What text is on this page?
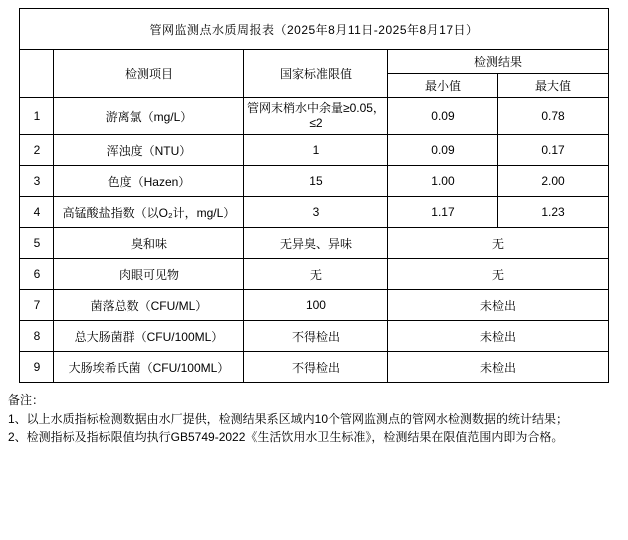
管网监测点水质周报表（2025年8月11日-2025年8月17日）				
	检测项目	国家标准限值	检测结果	
			最小值	最大值
1	游离氯（mg/L）	管网末梢水中余量≥0.05，≤2	0.09	0.78
2	浑浊度（NTU）	1	0.09	0.17
3	色度（Hazen）	15	1.00	2.00
4	高锰酸盐指数（以O₂计，mg/L）	3	1.17	1.23
5	臭和味	无异臭、异味	无	
6	肉眼可见物	无	无	
7	菌落总数（CFU/ML）	100	未检出	
8	总大肠菌群（CFU/100ML）	不得检出	未检出	
9	大肠埃希氏菌（CFU/100ML）	不得检出	未检出	
备注：
1、以上水质指标检测数据由水厂提供，检测结果系区域内10个管网监测点的管网水检测数据的统计结果；
2、检测指标及指标限值均执行GB5749-2022《生活饮用水卫生标准》，检测结果在限值范围内即为合格。
